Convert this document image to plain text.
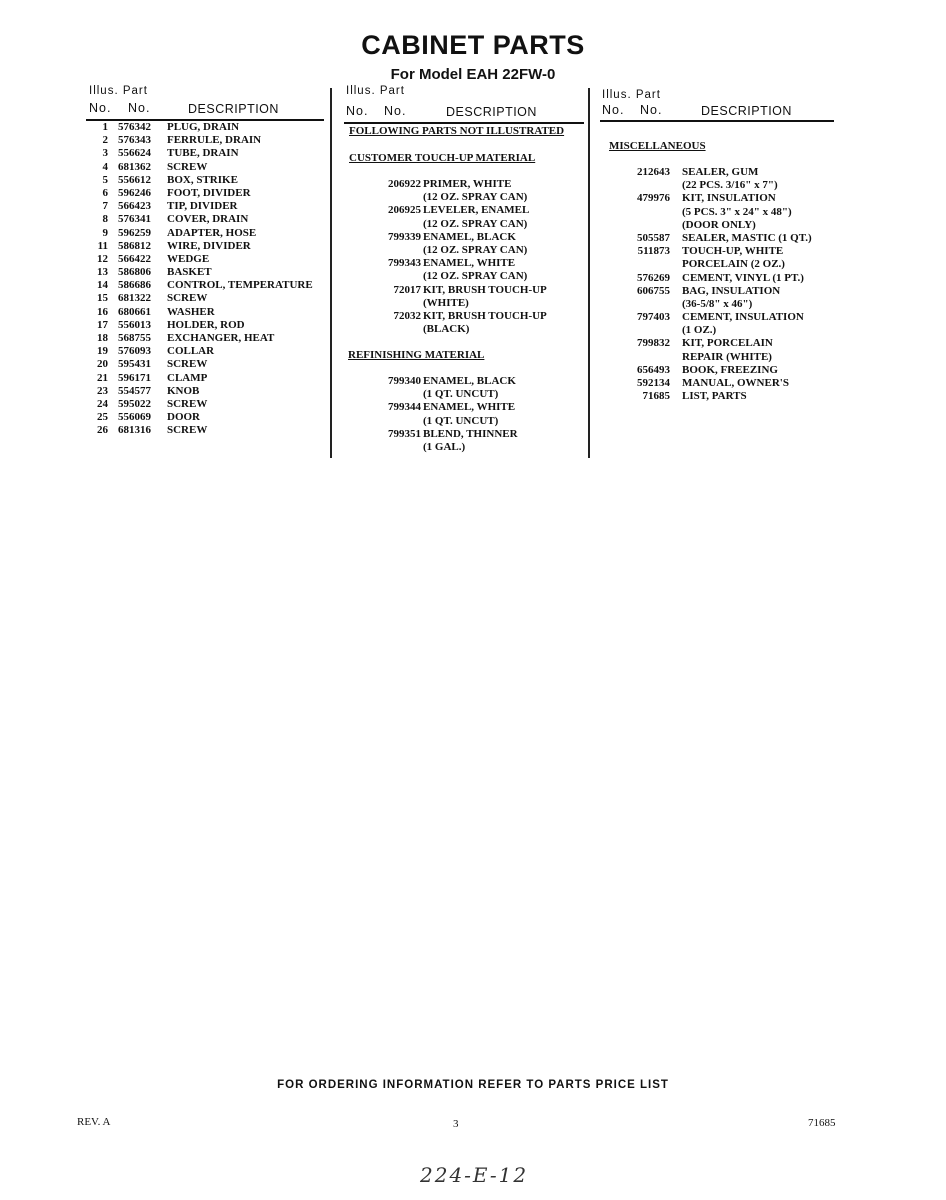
CABINET PARTS
For Model EAH 22FW-0
Illus. Part
No. No.	DESCRIPTION
1 576342 PLUG, DRAIN
2 576343 FERRULE, DRAIN
3 556624 TUBE, DRAIN
4 681362 SCREW
5 556612 BOX, STRIKE
6 596246 FOOT, DIVIDER
7 566423 TIP, DIVIDER
8 576341 COVER, DRAIN
9 596259 ADAPTER, HOSE
11 586812 WIRE, DIVIDER
12 566422 WEDGE
13 586806 BASKET
14 586686 CONTROL, TEMPERATURE
15 681322 SCREW
16 680661 WASHER
17 556013 HOLDER, ROD
18 568755 EXCHANGER, HEAT
19 576093 COLLAR
20 595431 SCREW
21 596171 CLAMP
23 554577 KNOB
24 595022 SCREW
25 556069 DOOR
26 681316 SCREW
Illus. Part
No. No.	DESCRIPTION
FOLLOWING PARTS NOT ILLUSTRATED
CUSTOMER TOUCH-UP MATERIAL
206922 PRIMER, WHITE
(12 OZ. SPRAY CAN)
206925 LEVELER, ENAMEL
(12 OZ. SPRAY CAN)
799339 ENAMEL, BLACK
(12 OZ. SPRAY CAN)
799343 ENAMEL, WHITE
(12 OZ. SPRAY CAN)
72017 KIT, BRUSH TOUCH-UP
(WHITE)
72032 KIT, BRUSH TOUCH-UP
(BLACK)
REFINISHING MATERIAL
799340 ENAMEL, BLACK
(1 QT. UNCUT)
799344 ENAMEL, WHITE
(1 QT. UNCUT)
799351 BLEND, THINNER
(1 GAL.)
Illus. Part
No. No.	DESCRIPTION
MISCELLANEOUS
212643 SEALER, GUM
(22 PCS. 3/16" x 7")
479976 KIT, INSULATION
(5 PCS. 3" x 24" x 48")
(DOOR ONLY)
505587 SEALER, MASTIC (1 QT.)
511873 TOUCH-UP, WHITE
PORCELAIN (2 OZ.)
576269 CEMENT, VINYL (1 PT.)
606755 BAG, INSULATION
(36-5/8" x 46")
797403 CEMENT, INSULATION
(1 OZ.)
799832 KIT, PORCELAIN
REPAIR (WHITE)
656493 BOOK, FREEZING
592134 MANUAL, OWNER'S
71685 LIST, PARTS
FOR ORDERING INFORMATION REFER TO PARTS PRICE LIST
REV. A	3	71685
224-E-12
